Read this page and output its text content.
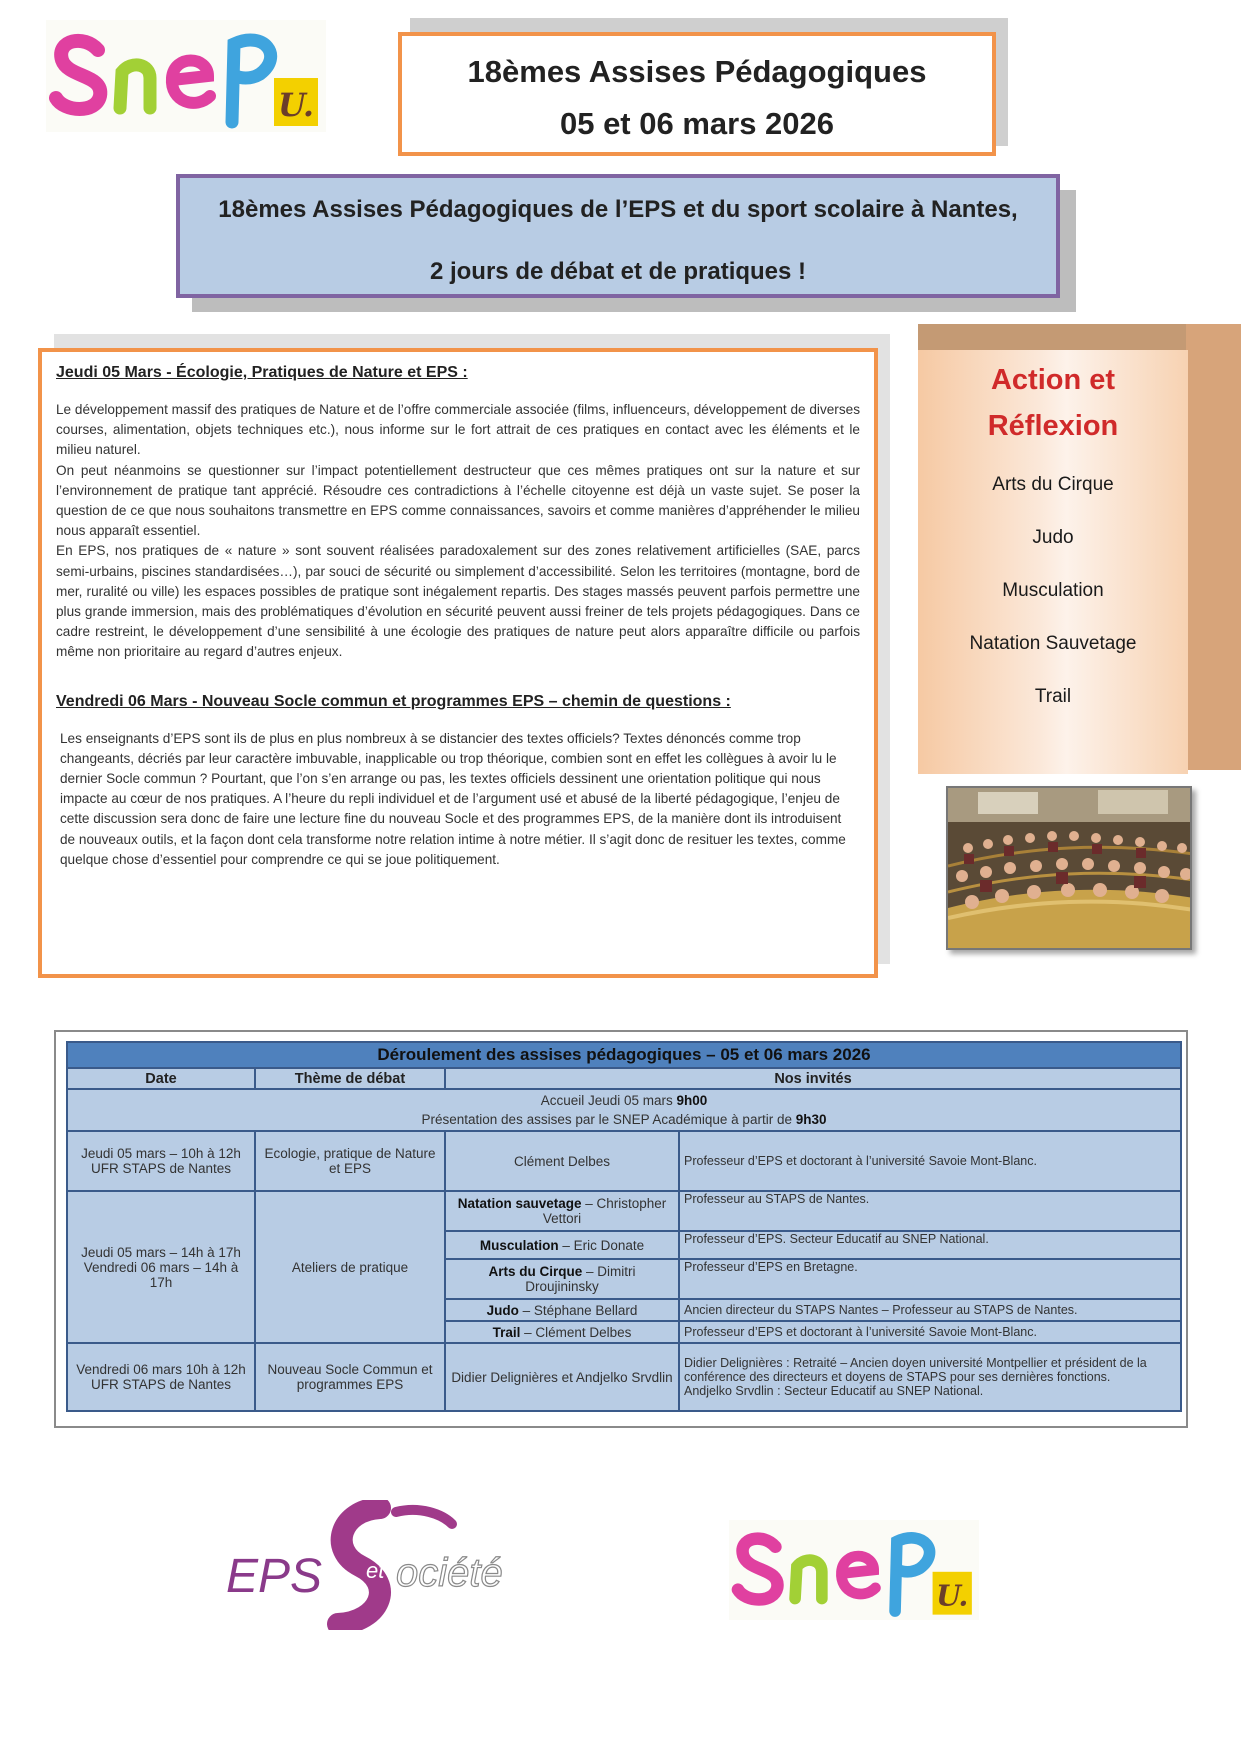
U.
18èmes Assises Pédagogiques
05 et 06 mars 2026
18èmes Assises Pédagogiques de l’EPS et du sport scolaire à Nantes,
2 jours de débat et de pratiques !
Jeudi 05 Mars - Écologie, Pratiques de Nature et EPS :

Le développement massif des pratiques de Nature et de l’offre commerciale associée (films, influenceurs, développement de diverses courses, alimentation, objets techniques etc.), nous informe sur le fort attrait de ces pratiques en contact avec les éléments et le milieu naturel.

On peut néanmoins se questionner sur l’impact potentiellement destructeur que ces mêmes pratiques ont sur la nature et sur l’environnement de pratique tant apprécié. Résoudre ces contradictions à l’échelle citoyenne est déjà un vaste sujet. Se poser la question de ce que nous souhaitons transmettre en EPS comme connaissances, savoirs et comme manières d’appréhender le milieu nous apparaît essentiel.

En EPS, nos pratiques de « nature » sont souvent réalisées paradoxalement sur des zones relativement artificielles (SAE, parcs semi-urbains, piscines standardisées…), par souci de sécurité ou simplement d’accessibilité. Selon les territoires (montagne, bord de mer, ruralité ou ville) les espaces possibles de pratique sont inégalement repartis. Des stages massés peuvent parfois permettre une plus grande immersion, mais des problématiques d’évolution en sécurité peuvent aussi freiner de tels projets pédagogiques. Dans ce cadre restreint, le développement d’une sensibilité à une écologie des pratiques de nature peut alors apparaître difficile ou parfois même non prioritaire au regard d’autres enjeux.

Vendredi 06 Mars - Nouveau Socle commun et programmes EPS – chemin de questions :

Les enseignants d’EPS sont ils de plus en plus nombreux à se distancier des textes officiels? Textes dénoncés comme trop changeants, décriés par leur caractère imbuvable, inapplicable ou trop théorique, combien sont en effet les collègues à avoir lu le dernier Socle commun ? Pourtant, que l’on s’en arrange ou pas, les textes officiels dessinent une orientation politique qui nous impacte au cœur de nos pratiques. A l’heure du repli individuel et de l’argument usé et abusé de la liberté pédagogique, l’enjeu de cette discussion sera donc de faire une lecture fine du nouveau Socle et des programmes EPS, de la manière dont ils introduisent de nouveaux outils, et la façon dont cela transforme notre relation intime à notre métier. Il s’agit donc de resituer les textes, comme quelque chose d’essentiel pour comprendre ce qui se joue politiquement.

Action et
Réflexion
Arts du Cirque
Judo
Musculation
Natation Sauvetage
Trail
Déroulement des assises pédagogiques – 05 et 06 mars 2026			
Date	Thème de débat	Nos invités	
Accueil Jeudi 05 mars 9h00
Présentation des assises par le SNEP Académique à partir de 9h30			
Jeudi 05 mars – 10h à 12h UFR STAPS de Nantes	Ecologie, pratique de Nature et EPS	Clément Delbes	Professeur d’EPS et doctorant à l’université Savoie Mont-Blanc.
Jeudi 05 mars – 14h à 17h Vendredi 06 mars – 14h à 17h	Ateliers de pratique	Natation sauvetage – Christopher Vettori	Professeur au STAPS de Nantes.
		Musculation – Eric Donate	Professeur d’EPS. Secteur Educatif au SNEP National.
		Arts du Cirque – Dimitri Droujininsky	Professeur d’EPS en Bretagne.
		Judo – Stéphane Bellard	Ancien directeur du STAPS Nantes – Professeur au STAPS de Nantes.
		Trail – Clément Delbes	Professeur d’EPS et doctorant à l’université Savoie Mont-Blanc.
Vendredi 06 mars 10h à 12h UFR STAPS de Nantes	Nouveau Socle Commun et programmes EPS	Didier Delignières et Andjelko Srvdlin	Didier Delignières : Retraité – Ancien doyen université Montpellier et président de la conférence des directeurs et doyens de STAPS pour ses dernières fonctions.
Andjelko Srvdlin : Secteur Educatif au SNEP National.
EPS et ociété
U.
